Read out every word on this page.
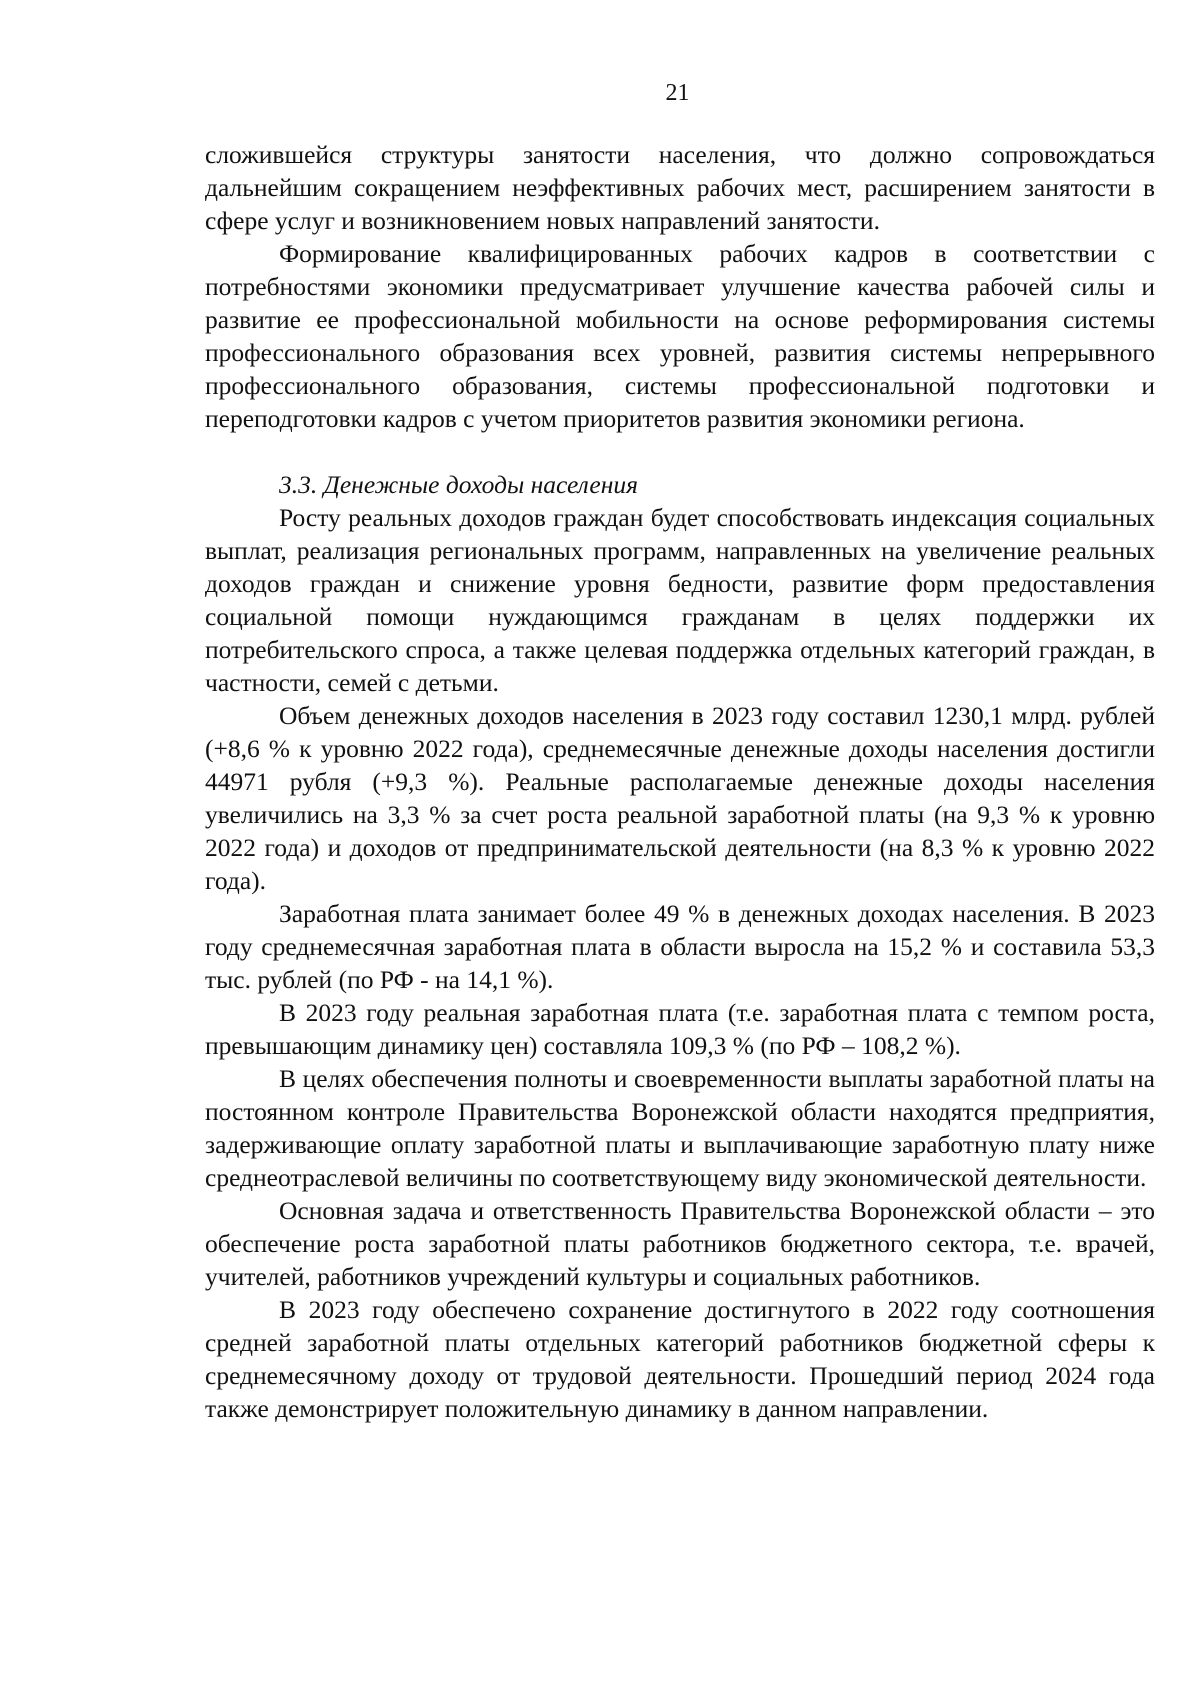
21

сложившейся структуры занятости населения, что должно сопровождаться дальнейшим сокращением неэффективных рабочих мест, расширением занятости в сфере услуг и возникновением новых направлений занятости.

Формирование квалифицированных рабочих кадров в соответствии с потребностями экономики предусматривает улучшение качества рабочей силы и развитие ее профессиональной мобильности на основе реформирования системы профессионального образования всех уровней, развития системы непрерывного профессионального образования, системы профессиональной подготовки и переподготовки кадров с учетом приоритетов развития экономики региона.

3.3. Денежные доходы населения

Росту реальных доходов граждан будет способствовать индексация социальных выплат, реализация региональных программ, направленных на увеличение реальных доходов граждан и снижение уровня бедности, развитие форм предоставления социальной помощи нуждающимся гражданам в целях поддержки их потребительского спроса, а также целевая поддержка отдельных категорий граждан, в частности, семей с детьми.

Объем денежных доходов населения в 2023 году составил 1230,1 млрд. рублей (+8,6 % к уровню 2022 года), среднемесячные денежные доходы населения достигли 44971 рубля (+9,3 %). Реальные располагаемые денежные доходы населения увеличились на 3,3 % за счет роста реальной заработной платы (на 9,3 % к уровню 2022 года) и доходов от предпринимательской деятельности (на 8,3 % к уровню 2022 года).

Заработная плата занимает более 49 % в денежных доходах населения. В 2023 году среднемесячная заработная плата в области выросла на 15,2 % и составила 53,3 тыс. рублей (по РФ - на 14,1 %).

В 2023 году реальная заработная плата (т.е. заработная плата с темпом роста, превышающим динамику цен) составляла 109,3 % (по РФ – 108,2 %).

В целях обеспечения полноты и своевременности выплаты заработной платы на постоянном контроле Правительства Воронежской области находятся предприятия, задерживающие оплату заработной платы и выплачивающие заработную плату ниже среднеотраслевой величины по соответствующему виду экономической деятельности.

Основная задача и ответственность Правительства Воронежской области – это обеспечение роста заработной платы работников бюджетного сектора, т.е. врачей, учителей, работников учреждений культуры и социальных работников.

В 2023 году обеспечено сохранение достигнутого в 2022 году соотношения средней заработной платы отдельных категорий работников бюджетной сферы к среднемесячному доходу от трудовой деятельности. Прошедший период 2024 года также демонстрирует положительную динамику в данном направлении.
